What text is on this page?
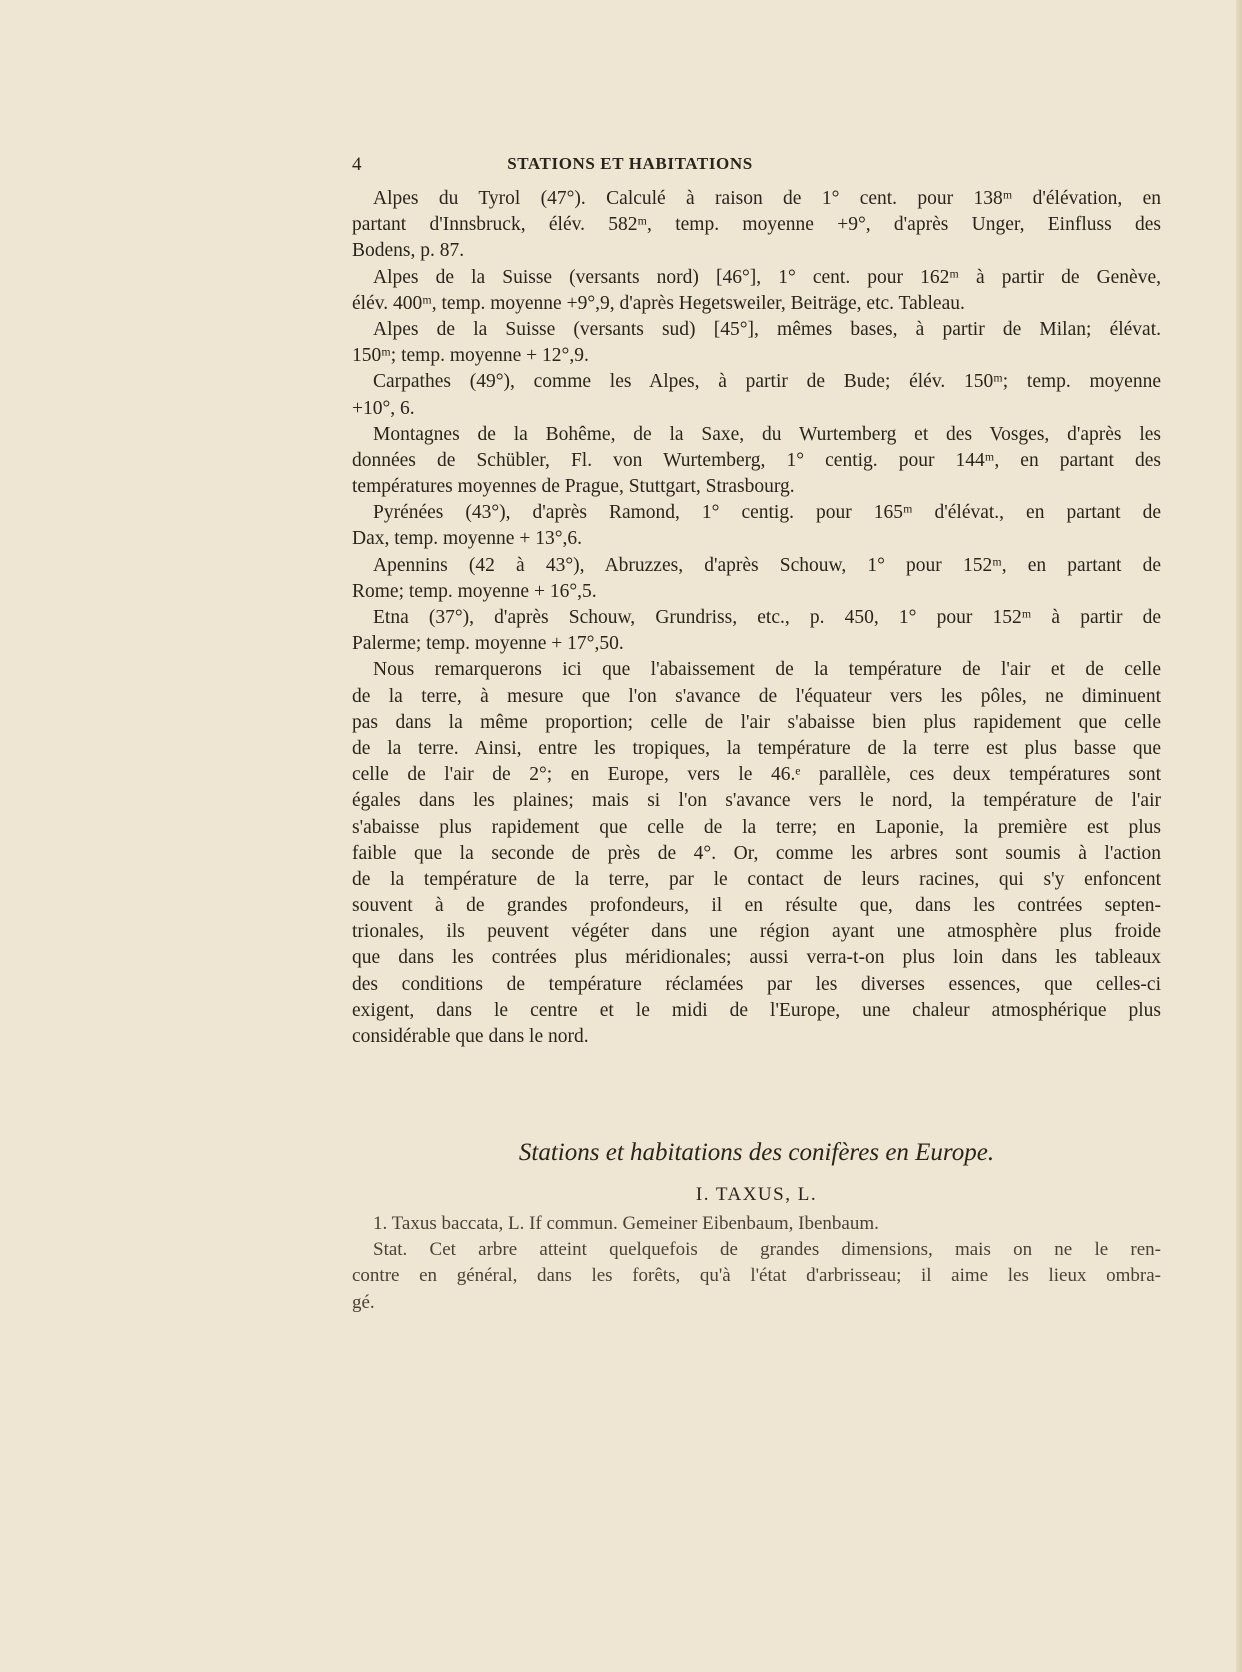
4	STATIONS ET HABITATIONS
Alpes du Tyrol (47°). Calculé à raison de 1° cent. pour 138ᵐ d'élévation, en
partant d'Innsbruck, élév. 582ᵐ, temp. moyenne +9°, d'après Unger, Einfluss des
Bodens, p. 87.
Alpes de la Suisse (versants nord) [46°], 1° cent. pour 162ᵐ à partir de Genève,
élév. 400ᵐ, temp. moyenne +9°,9, d'après Hegetsweiler, Beiträge, etc. Tableau.
Alpes de la Suisse (versants sud) [45°], mêmes bases, à partir de Milan; élévat.
150ᵐ; temp. moyenne + 12°,9.
Carpathes (49°), comme les Alpes, à partir de Bude; élév. 150ᵐ; temp. moyenne
+10°, 6.
Montagnes de la Bohême, de la Saxe, du Wurtemberg et des Vosges, d'après les
données de Schübler, Fl. von Wurtemberg, 1° centig. pour 144ᵐ, en partant des
températures moyennes de Prague, Stuttgart, Strasbourg.
Pyrénées (43°), d'après Ramond, 1° centig. pour 165ᵐ d'élévat., en partant de
Dax, temp. moyenne + 13°,6.
Apennins (42 à 43°), Abruzzes, d'après Schouw, 1° pour 152ᵐ, en partant de
Rome; temp. moyenne + 16°,5.
Etna (37°), d'après Schouw, Grundriss, etc., p. 450, 1° pour 152ᵐ à partir de
Palerme; temp. moyenne + 17°,50.
Nous remarquerons ici que l'abaissement de la température de l'air et de celle
de la terre, à mesure que l'on s'avance de l'équateur vers les pôles, ne diminuent
pas dans la même proportion; celle de l'air s'abaisse bien plus rapidement que celle
de la terre. Ainsi, entre les tropiques, la température de la terre est plus basse que
celle de l'air de 2°; en Europe, vers le 46.ᵉ parallèle, ces deux températures sont
égales dans les plaines; mais si l'on s'avance vers le nord, la température de l'air
s'abaisse plus rapidement que celle de la terre; en Laponie, la première est plus
faible que la seconde de près de 4°. Or, comme les arbres sont soumis à l'action
de la température de la terre, par le contact de leurs racines, qui s'y enfoncent
souvent à de grandes profondeurs, il en résulte que, dans les contrées septen-
trionales, ils peuvent végéter dans une région ayant une atmosphère plus froide
que dans les contrées plus méridionales; aussi verra-t-on plus loin dans les tableaux
des conditions de température réclamées par les diverses essences, que celles-ci
exigent, dans le centre et le midi de l'Europe, une chaleur atmosphérique plus
considérable que dans le nord.
Stations et habitations des conifères en Europe.
I. TAXUS, L.
1. Taxus baccata, L. If commun. Gemeiner Eibenbaum, Ibenbaum.
Stat. Cet arbre atteint quelquefois de grandes dimensions, mais on ne le ren-
contre en général, dans les forêts, qu'à l'état d'arbrisseau; il aime les lieux ombra-
gé.
